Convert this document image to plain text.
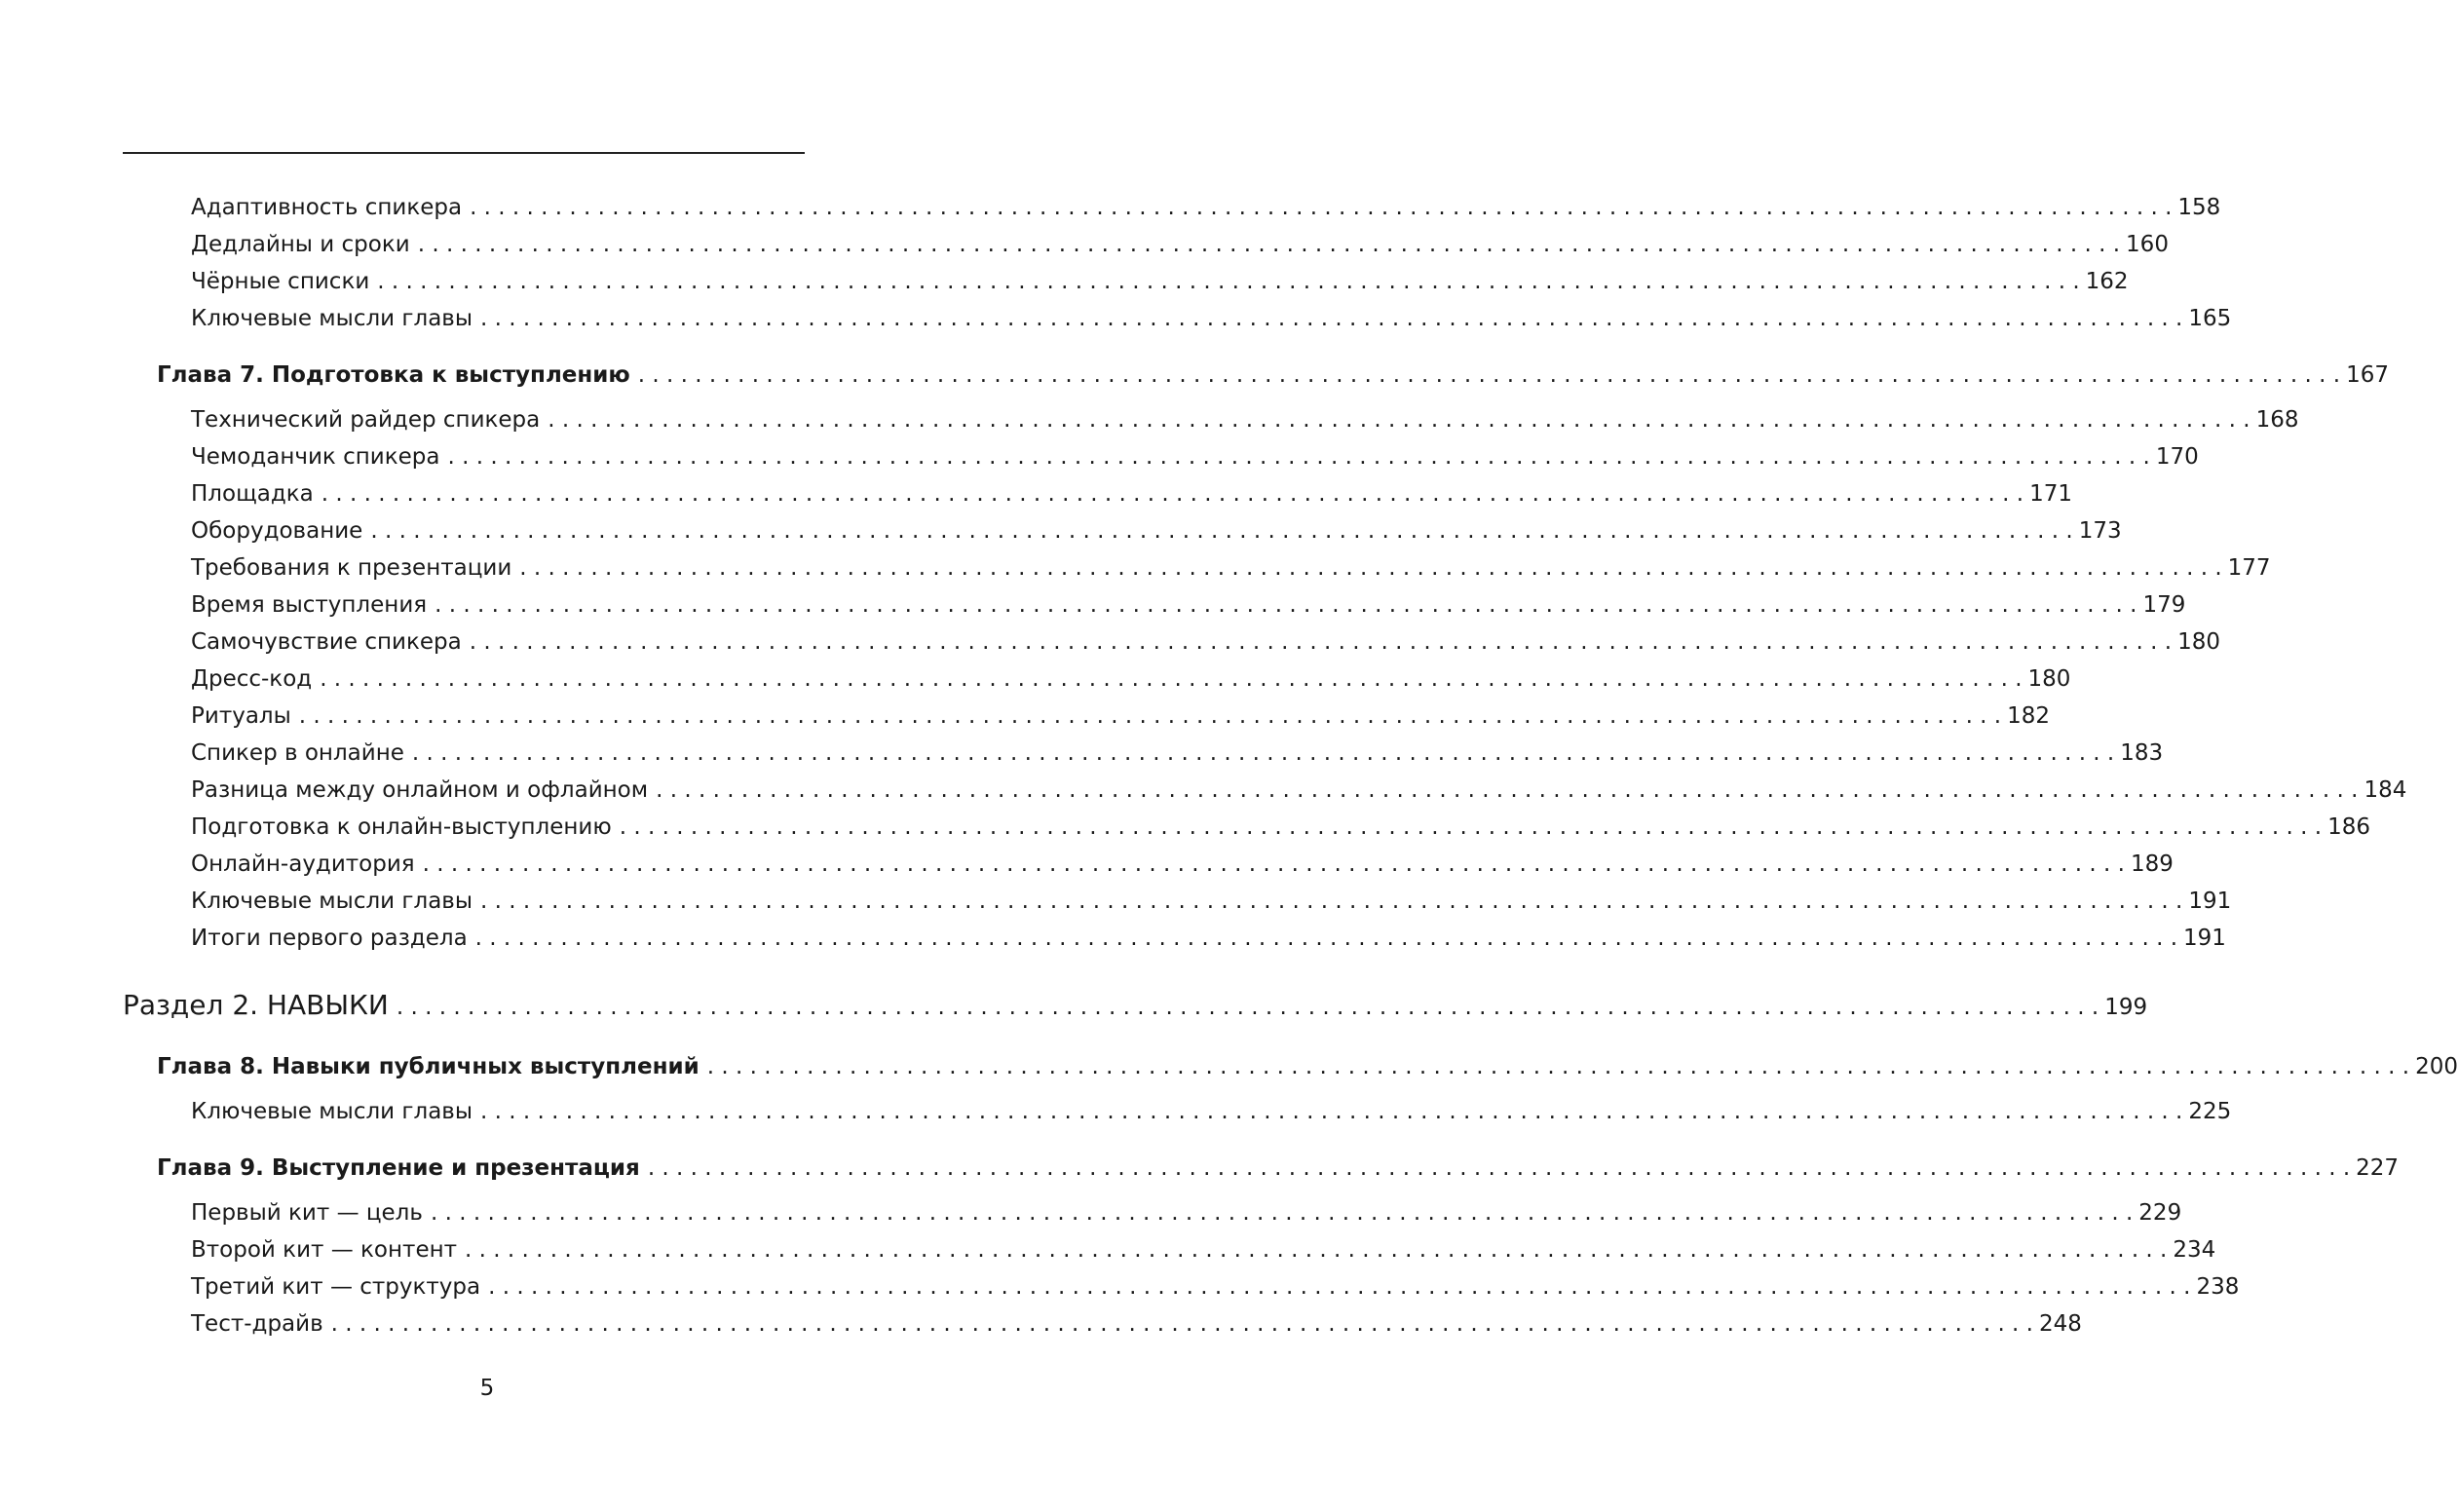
Адаптивность спикера . . . . . . . . . . . . . . . . . . . . . . . . . . . . . . . . . . . . . . . . . . . . . . . . . . . . . . . . . . . . . . . . . . . . . . . . . . . . . . . . . . . . . . . . . . . . . . . . . . . . . . . . . . . . . . . . . . . . . . . . 158
Дедлайны и сроки . . . . . . . . . . . . . . . . . . . . . . . . . . . . . . . . . . . . . . . . . . . . . . . . . . . . . . . . . . . . . . . . . . . . . . . . . . . . . . . . . . . . . . . . . . . . . . . . . . . . . . . . . . . . . . . . . . . . . . . . 160
Чёрные списки . . . . . . . . . . . . . . . . . . . . . . . . . . . . . . . . . . . . . . . . . . . . . . . . . . . . . . . . . . . . . . . . . . . . . . . . . . . . . . . . . . . . . . . . . . . . . . . . . . . . . . . . . . . . . . . . . . . . . . . . 162
Ключевые мысли главы . . . . . . . . . . . . . . . . . . . . . . . . . . . . . . . . . . . . . . . . . . . . . . . . . . . . . . . . . . . . . . . . . . . . . . . . . . . . . . . . . . . . . . . . . . . . . . . . . . . . . . . . . . . . . . . . . . . . . . . . 165
Глава 7. Подготовка к выступлению . . . . . . . . . . . . . . . . . . . . . . . . . . . . . . . . . . . . . . . . . . . . . . . . . . . . . . . . . . . . . . . . . . . . . . . . . . . . . . . . . . . . . . . . . . . . . . . . . . . . . . . . . . . . . . . . . . . . . . . . 167
Технический райдер спикера . . . . . . . . . . . . . . . . . . . . . . . . . . . . . . . . . . . . . . . . . . . . . . . . . . . . . . . . . . . . . . . . . . . . . . . . . . . . . . . . . . . . . . . . . . . . . . . . . . . . . . . . . . . . . . . . . . . . . . . . 168
Чемоданчик спикера . . . . . . . . . . . . . . . . . . . . . . . . . . . . . . . . . . . . . . . . . . . . . . . . . . . . . . . . . . . . . . . . . . . . . . . . . . . . . . . . . . . . . . . . . . . . . . . . . . . . . . . . . . . . . . . . . . . . . . . . 170
Площадка . . . . . . . . . . . . . . . . . . . . . . . . . . . . . . . . . . . . . . . . . . . . . . . . . . . . . . . . . . . . . . . . . . . . . . . . . . . . . . . . . . . . . . . . . . . . . . . . . . . . . . . . . . . . . . . . . . . . . . . . 171
Оборудование . . . . . . . . . . . . . . . . . . . . . . . . . . . . . . . . . . . . . . . . . . . . . . . . . . . . . . . . . . . . . . . . . . . . . . . . . . . . . . . . . . . . . . . . . . . . . . . . . . . . . . . . . . . . . . . . . . . . . . . . 173
Требования к презентации . . . . . . . . . . . . . . . . . . . . . . . . . . . . . . . . . . . . . . . . . . . . . . . . . . . . . . . . . . . . . . . . . . . . . . . . . . . . . . . . . . . . . . . . . . . . . . . . . . . . . . . . . . . . . . . . . . . . . . . . 177
Время выступления . . . . . . . . . . . . . . . . . . . . . . . . . . . . . . . . . . . . . . . . . . . . . . . . . . . . . . . . . . . . . . . . . . . . . . . . . . . . . . . . . . . . . . . . . . . . . . . . . . . . . . . . . . . . . . . . . . . . . . . . 179
Самочувствие спикера . . . . . . . . . . . . . . . . . . . . . . . . . . . . . . . . . . . . . . . . . . . . . . . . . . . . . . . . . . . . . . . . . . . . . . . . . . . . . . . . . . . . . . . . . . . . . . . . . . . . . . . . . . . . . . . . . . . . . . . . 180
Дресс-код . . . . . . . . . . . . . . . . . . . . . . . . . . . . . . . . . . . . . . . . . . . . . . . . . . . . . . . . . . . . . . . . . . . . . . . . . . . . . . . . . . . . . . . . . . . . . . . . . . . . . . . . . . . . . . . . . . . . . . . . 180
Ритуалы . . . . . . . . . . . . . . . . . . . . . . . . . . . . . . . . . . . . . . . . . . . . . . . . . . . . . . . . . . . . . . . . . . . . . . . . . . . . . . . . . . . . . . . . . . . . . . . . . . . . . . . . . . . . . . . . . . . . . . . . 182
Спикер в онлайне . . . . . . . . . . . . . . . . . . . . . . . . . . . . . . . . . . . . . . . . . . . . . . . . . . . . . . . . . . . . . . . . . . . . . . . . . . . . . . . . . . . . . . . . . . . . . . . . . . . . . . . . . . . . . . . . . . . . . . . . 183
Разница между онлайном и офлайном . . . . . . . . . . . . . . . . . . . . . . . . . . . . . . . . . . . . . . . . . . . . . . . . . . . . . . . . . . . . . . . . . . . . . . . . . . . . . . . . . . . . . . . . . . . . . . . . . . . . . . . . . . . . . . . . . . . . . . . . 184
Подготовка к онлайн-выступлению . . . . . . . . . . . . . . . . . . . . . . . . . . . . . . . . . . . . . . . . . . . . . . . . . . . . . . . . . . . . . . . . . . . . . . . . . . . . . . . . . . . . . . . . . . . . . . . . . . . . . . . . . . . . . . . . . . . . . . . . 186
Онлайн-аудитория . . . . . . . . . . . . . . . . . . . . . . . . . . . . . . . . . . . . . . . . . . . . . . . . . . . . . . . . . . . . . . . . . . . . . . . . . . . . . . . . . . . . . . . . . . . . . . . . . . . . . . . . . . . . . . . . . . . . . . . . 189
Ключевые мысли главы . . . . . . . . . . . . . . . . . . . . . . . . . . . . . . . . . . . . . . . . . . . . . . . . . . . . . . . . . . . . . . . . . . . . . . . . . . . . . . . . . . . . . . . . . . . . . . . . . . . . . . . . . . . . . . . . . . . . . . . . 191
Итоги первого раздела . . . . . . . . . . . . . . . . . . . . . . . . . . . . . . . . . . . . . . . . . . . . . . . . . . . . . . . . . . . . . . . . . . . . . . . . . . . . . . . . . . . . . . . . . . . . . . . . . . . . . . . . . . . . . . . . . . . . . . . . 191
Раздел 2. НАВЫКИ . . . . . . . . . . . . . . . . . . . . . . . . . . . . . . . . . . . . . . . . . . . . . . . . . . . . . . . . . . . . . . . . . . . . . . . . . . . . . . . . . . . . . . . . . . . . . . . . . . . . . . . . . . . . . . . . . . . . . . . . 199
Глава 8. Навыки публичных выступлений . . . . . . . . . . . . . . . . . . . . . . . . . . . . . . . . . . . . . . . . . . . . . . . . . . . . . . . . . . . . . . . . . . . . . . . . . . . . . . . . . . . . . . . . . . . . . . . . . . . . . . . . . . . . . . . . . . . . . . . . 200
Ключевые мысли главы . . . . . . . . . . . . . . . . . . . . . . . . . . . . . . . . . . . . . . . . . . . . . . . . . . . . . . . . . . . . . . . . . . . . . . . . . . . . . . . . . . . . . . . . . . . . . . . . . . . . . . . . . . . . . . . . . . . . . . . . 225
Глава 9. Выступление и презентация . . . . . . . . . . . . . . . . . . . . . . . . . . . . . . . . . . . . . . . . . . . . . . . . . . . . . . . . . . . . . . . . . . . . . . . . . . . . . . . . . . . . . . . . . . . . . . . . . . . . . . . . . . . . . . . . . . . . . . . . 227
Первый кит — цель . . . . . . . . . . . . . . . . . . . . . . . . . . . . . . . . . . . . . . . . . . . . . . . . . . . . . . . . . . . . . . . . . . . . . . . . . . . . . . . . . . . . . . . . . . . . . . . . . . . . . . . . . . . . . . . . . . . . . . . . 229
Второй кит — контент . . . . . . . . . . . . . . . . . . . . . . . . . . . . . . . . . . . . . . . . . . . . . . . . . . . . . . . . . . . . . . . . . . . . . . . . . . . . . . . . . . . . . . . . . . . . . . . . . . . . . . . . . . . . . . . . . . . . . . . . 234
Третий кит — структура . . . . . . . . . . . . . . . . . . . . . . . . . . . . . . . . . . . . . . . . . . . . . . . . . . . . . . . . . . . . . . . . . . . . . . . . . . . . . . . . . . . . . . . . . . . . . . . . . . . . . . . . . . . . . . . . . . . . . . . . 238
Тест-драйв . . . . . . . . . . . . . . . . . . . . . . . . . . . . . . . . . . . . . . . . . . . . . . . . . . . . . . . . . . . . . . . . . . . . . . . . . . . . . . . . . . . . . . . . . . . . . . . . . . . . . . . . . . . . . . . . . . . . . . . . 248
5
